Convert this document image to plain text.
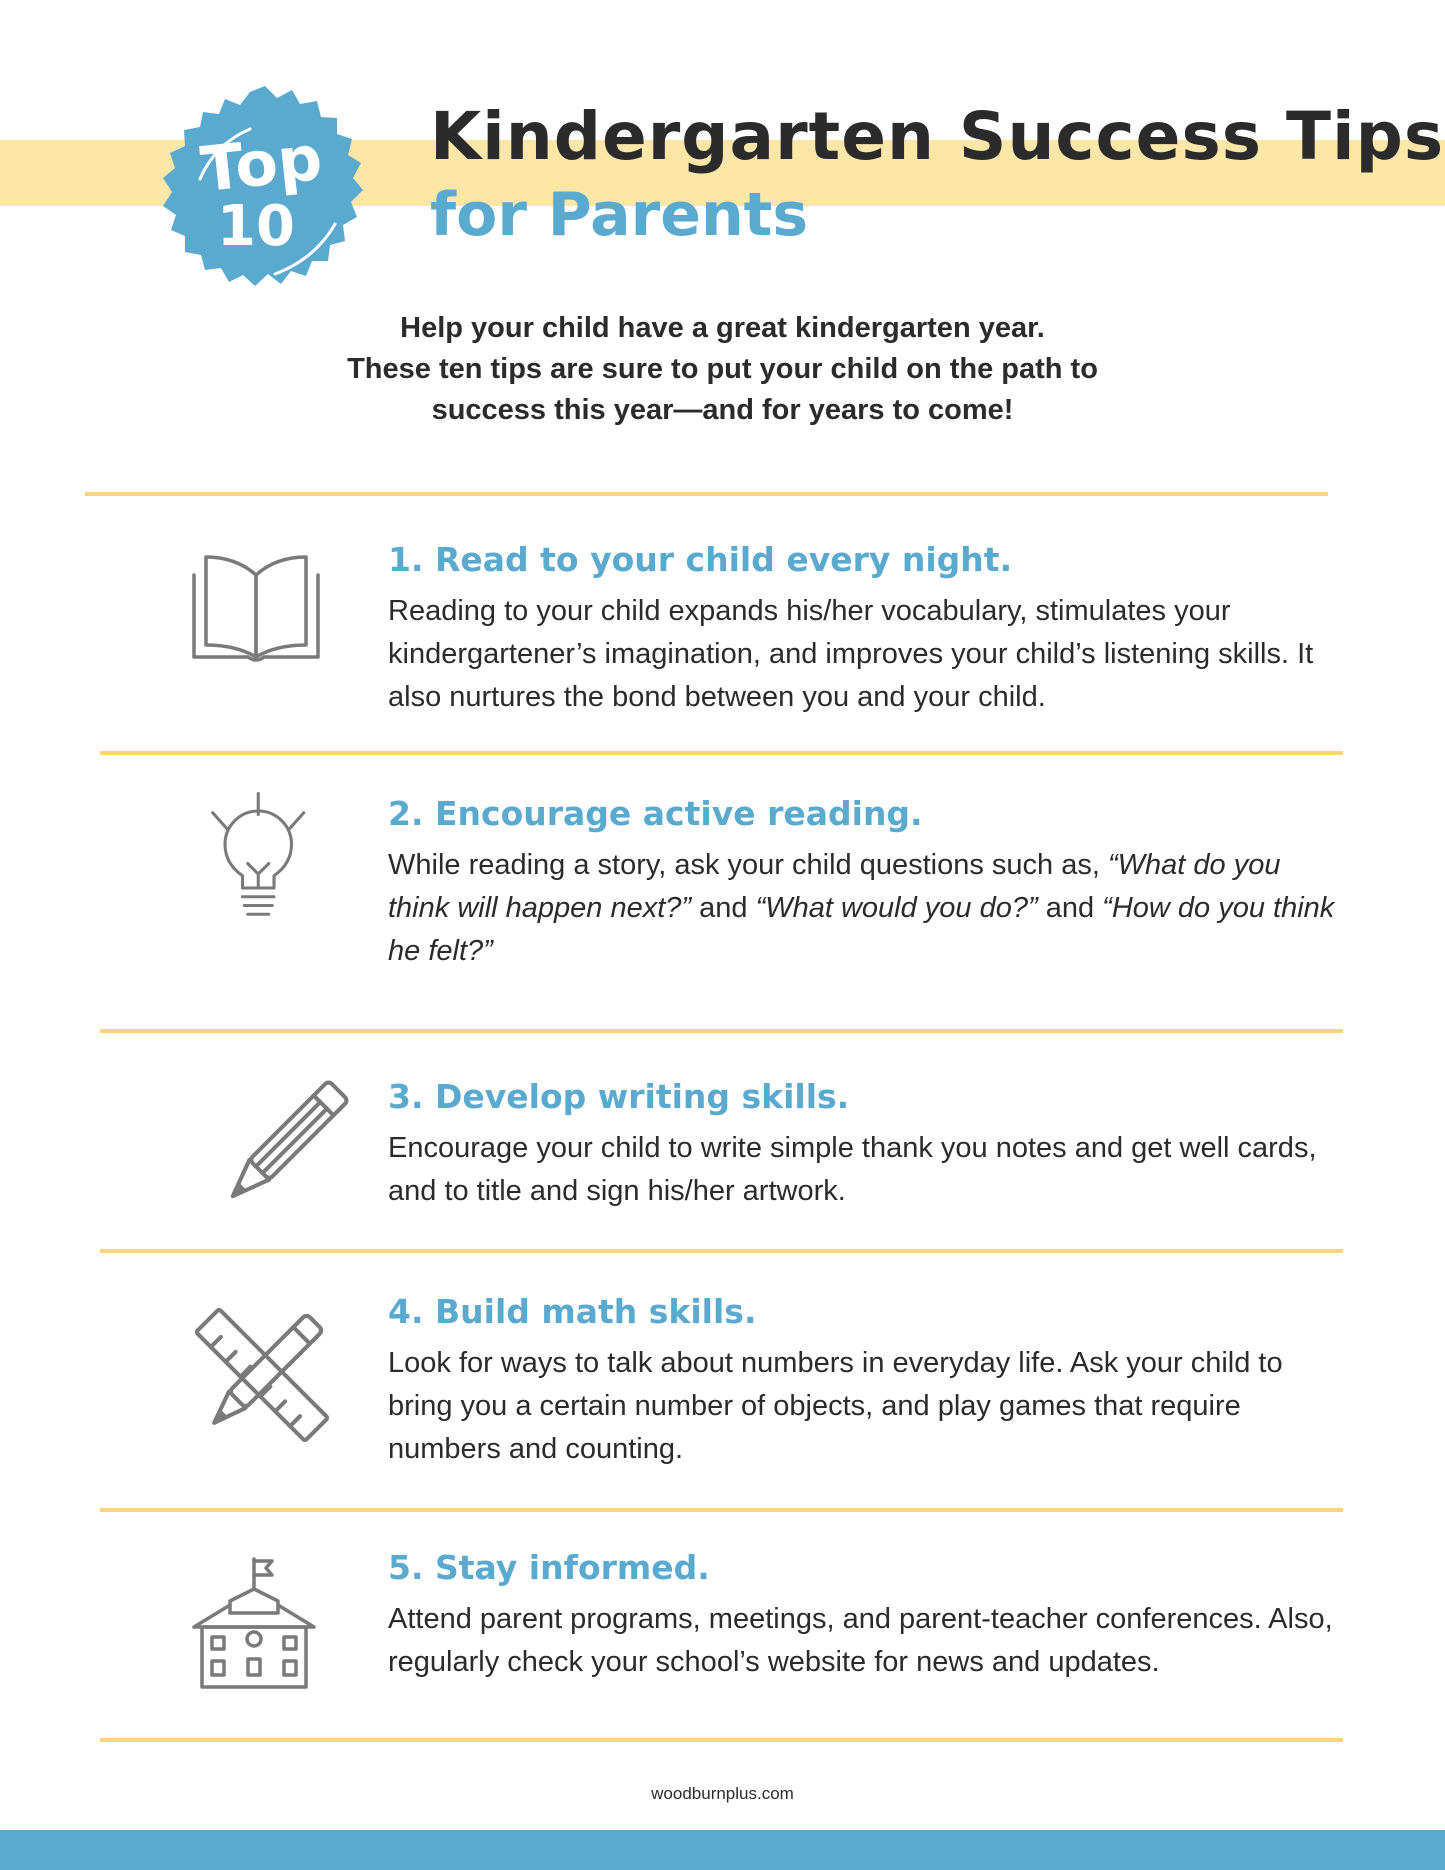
Top
10
Kindergarten Success Tips
for Parents
Help your child have a great kindergarten year.
These ten tips are sure to put your child on the path to
success this year—and for years to come!
1. Read to your child every night.
Reading to your child expands his/her vocabulary, stimulates your kindergartener’s imagination, and improves your child’s listening skills. It also nurtures the bond between you and your child.
2. Encourage active reading.
While reading a story, ask your child questions such as, “What do you think will happen next?” and “What would you do?” and “How do you think he felt?”
3. Develop writing skills.
Encourage your child to write simple thank you notes and get well cards, and to title and sign his/her artwork.
4. Build math skills.
Look for ways to talk about numbers in everyday life. Ask your child to bring you a certain number of objects, and play games that require numbers and counting.
5. Stay informed.
Attend parent programs, meetings, and parent-teacher conferences. Also, regularly check your school’s website for news and updates.
woodburnplus.com
